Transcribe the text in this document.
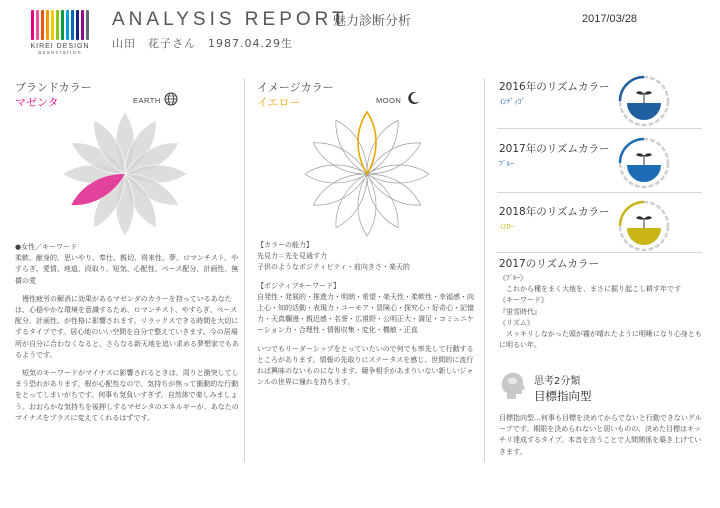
KIREI DESIGN
association
ANALYSIS REPORT
魅力診断分析	2017/03/28
山田　花子さん　1987.04.29生
ブランドカラー
マゼンタ	EARTH

●女性／キーワード

柔軟、献身的、思いやり、奉仕、親切、将来性、夢、ロマンチスト、やすらぎ、愛情、地道、段取り、短気、心配性、ペース配分、計画性、無償の愛

慢性疲労の解消に効果があるマゼンダのカラーを持っているあなたは、心穏やかな環境を意識するため、ロマンチスト、やすらぎ、ペース配分、計画性、が性格に影響されます。リラックスできる時間を大切にするタイプです。居心地のいい空間を自分で整えていきます。今の居場所が自分に合わなくなると、さらなる新天地を追い求める夢想家でもあるようです。

短気のキーワードがマイナスに影響されるときは、周りと衝突してしまう恐れがあります。根が心配性なので、気持ちが焦って衝動的な行動をとってしまいがちです。何事も気負いすぎず、自然体で楽しみましょう。おおらかな気持ちを後押しするマゼンタのエネルギーが、あなたのマイナスをプラスに変えてくれるはずです。

イメージカラー
イエロー	MOON

【カラーの能力】

先見力＝先を見通す力

子供のようなポジティビティ・前向きさ・楽天的

【ポジティブキーワード】

自発性・発展的・推進力・明朗・希望・楽天性・柔軟性・幸福感・向上心・知的活動・表現力・ユーモア・冒険心・探究心・好奇心・記憶力・天真爛漫・親近感・名誉・広視野・公明正大・満足・コミュニケーション力・合理性・情報収集・変化・機敏・正直

いつでもリーダーシップをとっていたいので何でも率先して行動するところがあります。情報の先取りにステータスを感じ、世間的に流行れば興味のないものになります。競争相手があまりいない新しいジャンルの世界に憧れを持ちます。

2016年のリズムカラー
ｲﾝﾃﾞｨｺﾞ
2017年のリズムカラー
ﾌﾞﾙｰ
2018年のリズムカラー
ｲｴﾛｰ
2017のリズムカラー

《ﾌﾞﾙｰ》

　これから種をまく大地を、まさに掘り起こし耕す年です

《キーワード》

『蛍雪時代』

《リズム》

　スッキリしなかった頭が霧が晴れたように明晰になり心身ともに明るい年。

思考2分類
目標指向型

目標指向型…何事も目標を決めてからでないと行動できないグループです。期限を決められないと弱いものの、決めた目標はキッチリ達成するタイプ。本音を言うことで人間関係を築き上げていきます。
